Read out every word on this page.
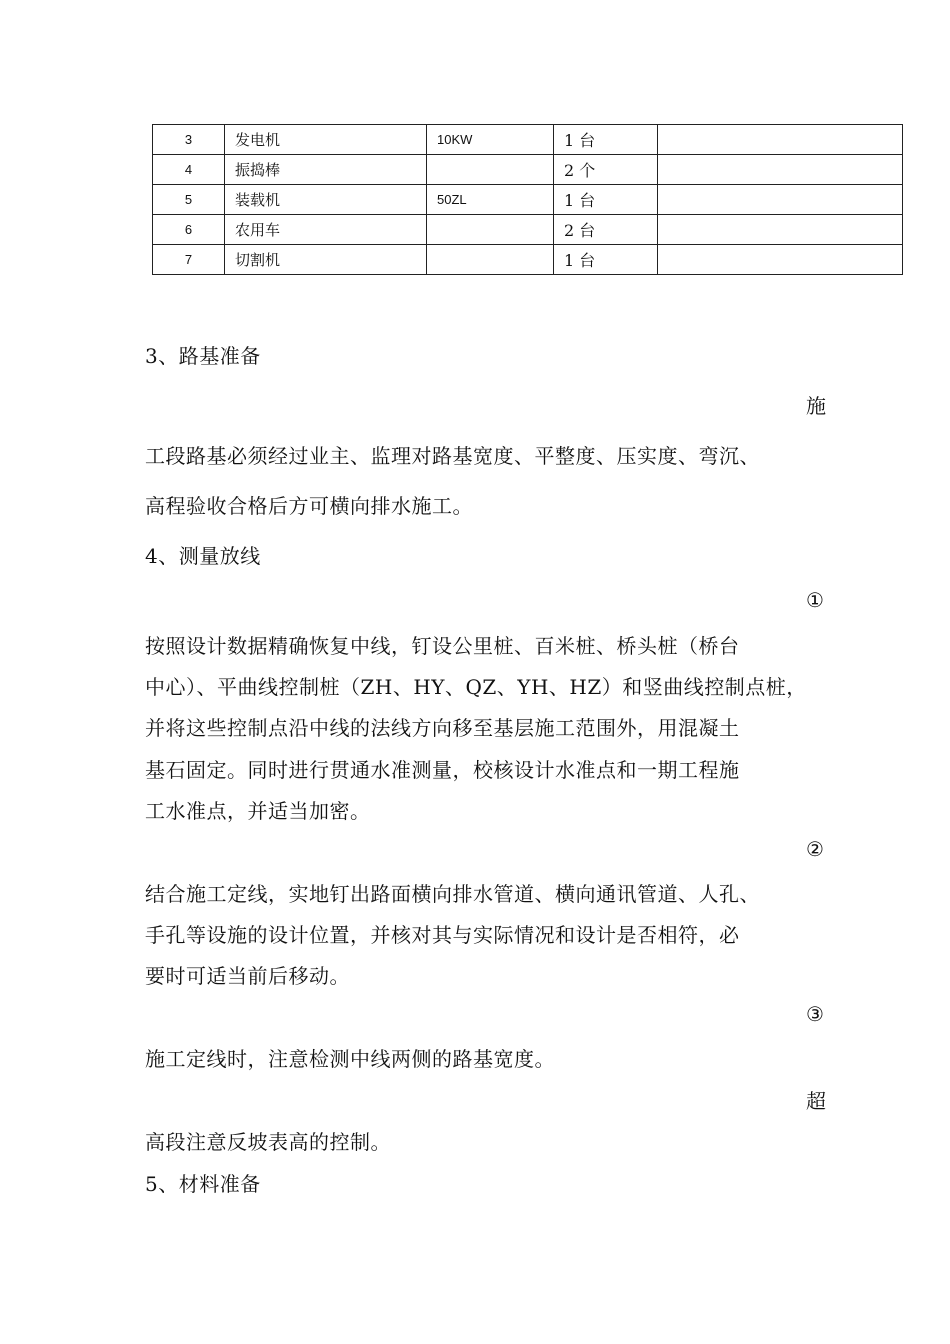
3	发电机	10KW	1 台	
4	振捣棒		2 个	
5	装载机	50ZL	1 台	
6	农用车		2 台	
7	切割机		1 台	
3、路基准备
施
工段路基必须经过业主、监理对路基宽度、平整度、压实度、弯沉、
高程验收合格后方可横向排水施工。
4、测量放线
①
按照设计数据精确恢复中线，钉设公里桩、百米桩、桥头桩（桥台
中心）、平曲线控制桩（ZH、HY、QZ、YH、HZ）和竖曲线控制点桩，
并将这些控制点沿中线的法线方向移至基层施工范围外，用混凝土
基石固定。同时进行贯通水准测量，校核设计水准点和一期工程施
工水准点，并适当加密。
②
结合施工定线，实地钉出路面横向排水管道、横向通讯管道、人孔、
手孔等设施的设计位置，并核对其与实际情况和设计是否相符，必
要时可适当前后移动。
③
施工定线时，注意检测中线两侧的路基宽度。
超
高段注意反坡表高的控制。
5、材料准备
